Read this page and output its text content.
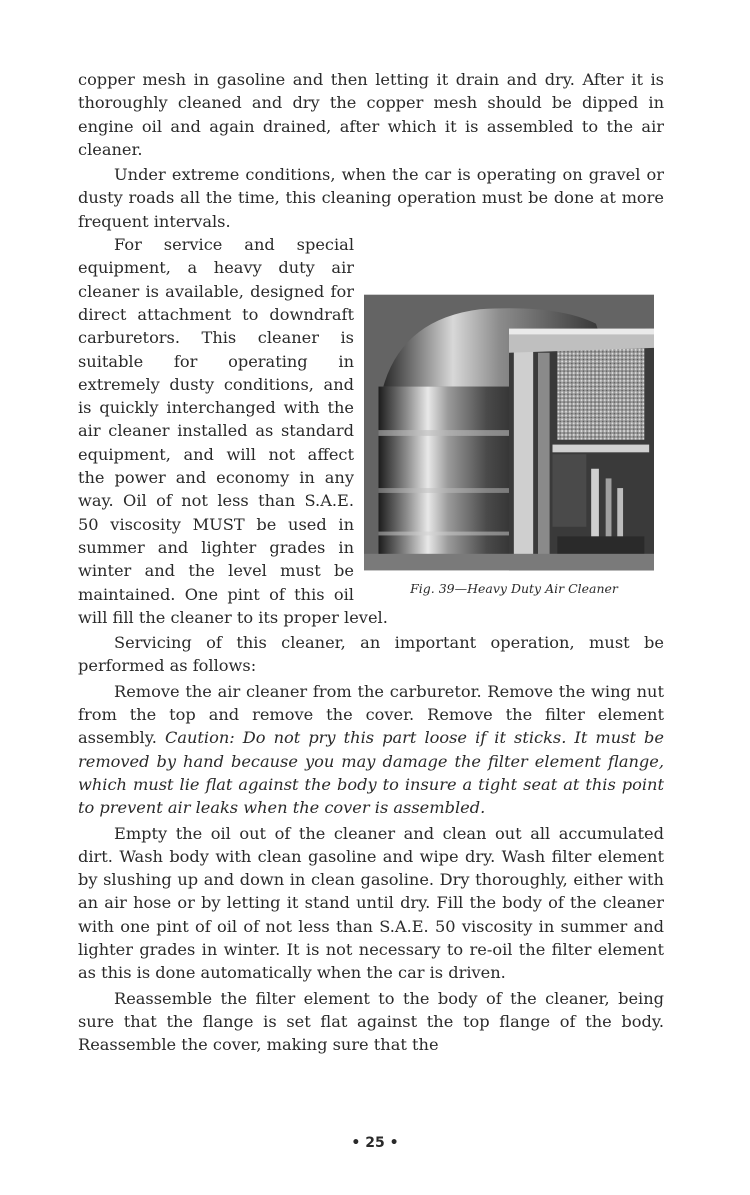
copper mesh in gasoline and then letting it drain and dry. After it is thoroughly cleaned and dry the copper mesh should be dipped in engine oil and again drained, after which it is assembled to the air cleaner.

Under extreme conditions, when the car is operating on gravel or dusty roads all the time, this cleaning operation must be done at more frequent intervals.

For service and special equipment, a heavy duty air cleaner is available, designed for direct attachment to downdraft carburetors. This cleaner is suitable for operating in extremely dusty conditions, and is quickly interchanged with the air cleaner installed as standard equipment, and will not affect the power and economy in any way. Oil of not less than S.A.E. 50 viscosity MUST be used in summer and lighter grades in winter and the level must be maintained. One pint of this oil will fill the cleaner to its proper level.

Servicing of this cleaner, an important operation, must be performed as follows:

Remove the air cleaner from the carburetor. Remove the wing nut from the top and remove the cover. Remove the filter element assembly. Caution: Do not pry this part loose if it sticks. It must be removed by hand because you may damage the filter element flange, which must lie flat against the body to insure a tight seat at this point to prevent air leaks when the cover is assembled.

Empty the oil out of the cleaner and clean out all accumulated dirt. Wash body with clean gasoline and wipe dry. Wash filter element by slushing up and down in clean gasoline. Dry thoroughly, either with an air hose or by letting it stand until dry. Fill the body of the cleaner with one pint of oil of not less than S.A.E. 50 viscosity in summer and lighter grades in winter. It is not necessary to re-oil the filter element as this is done automatically when the car is driven.

Reassemble the filter element to the body of the cleaner, being sure that the flange is set flat against the top flange of the body. Reassemble the cover, making sure that the

Fig. 39—Heavy Duty Air Cleaner
• 25 •
